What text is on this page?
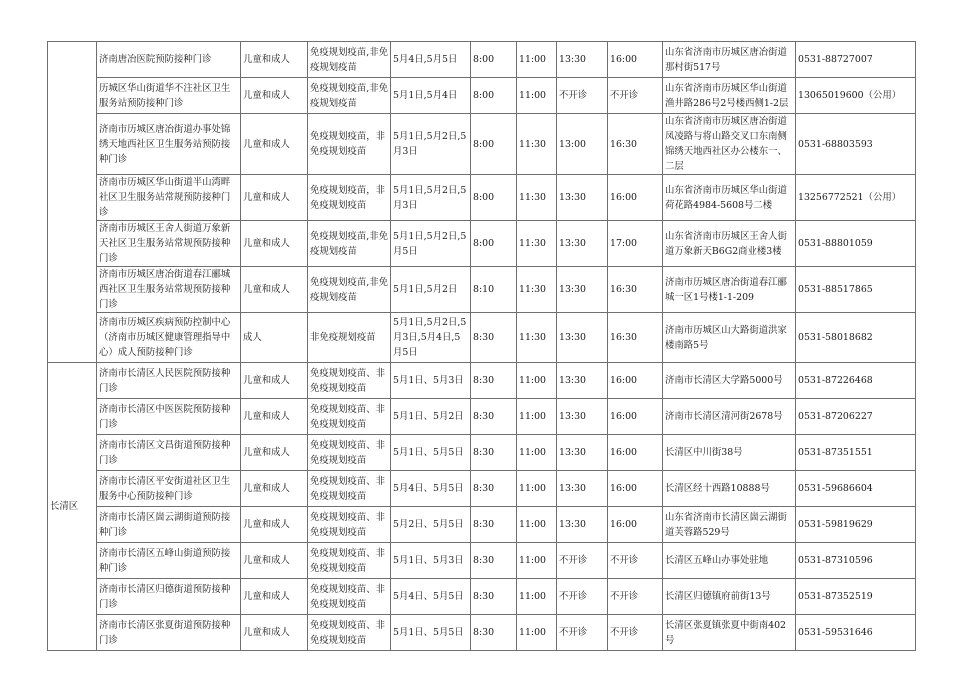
	济南唐冶医院预防接种门诊	儿童和成人	免疫规划疫苗,非免疫规划疫苗	5月4日,5月5日	8:00	11:00	13:30	16:00	山东省济南市历城区唐冶街道那村街517号	0531-88727007
	历城区华山街道华不注社区卫生服务站预防接种门诊	儿童和成人	免疫规划疫苗,非免疫规划疫苗	5月1日,5月4日	8:00	11:00	不开诊	不开诊	山东省济南市历城区华山街道渔井路286号2号楼西侧1-2层	13065019600（公用）
	济南市历城区唐冶街道办事处锦绣天地西社区卫生服务站预防接种门诊	儿童和成人	免疫规划疫苗，非免疫规划疫苗	5月1日,5月2日,5月3日	8:00	11:30	13:00	16:30	山东省济南市历城区唐冶街道凤凌路与将山路交叉口东南侧锦绣天地西社区办公楼东一、二层	0531-68803593
	济南市历城区华山街道半山湾畔社区卫生服务站常规预防接种门诊	儿童和成人	免疫规划疫苗，非免疫规划疫苗	5月1日,5月2日,5月3日	8:00	11:30	13:30	16:00	山东省济南市历城区华山街道荷花路4984-5608号二楼	13256772521（公用）
	济南市历城区王舍人街道万象新天社区卫生服务站常规预防接种门诊	儿童和成人	免疫规划疫苗,非免疫规划疫苗	5月1日,5月2日,5月5日	8:00	11:30	13:30	17:00	山东省济南市历城区王舍人街道万象新天B6G2商业楼3楼	0531-88801059
	济南市历城区唐冶街道春江郦城西社区卫生服务站常规预防接种门诊	儿童和成人	免疫规划疫苗,非免疫规划疫苗	5月1日,5月2日	8:10	11:30	13:30	16:30	济南市历城区唐冶街道春江郦城一区1号楼1-1-209	0531-88517865
	济南市历城区疾病预防控制中心（济南市历城区健康管理指导中心）成人预防接种门诊	成人	非免疫规划疫苗	5月1日,5月2日,5月3日,5月4日,5月5日	8:30	11:30	13:30	16:30	济南市历城区山大路街道洪家楼南路5号	0531-58018682
长清区	济南市长清区人民医院预防接种门诊	儿童和成人	免疫规划疫苗、非免疫规划疫苗	5月1日、5月3日	8:30	11:00	13:30	16:00	济南市长清区大学路5000号	0531-87226468
	济南市长清区中医医院预防接种门诊	儿童和成人	免疫规划疫苗、非免疫规划疫苗	5月1日、5月2日	8:30	11:00	13:30	16:00	济南市长清区清河街2678号	0531-87206227
	济南市长清区文昌街道预防接种门诊	儿童和成人	免疫规划疫苗、非免疫规划疫苗	5月1日、5月5日	8:30	11:00	13:30	16:00	长清区中川街38号	0531-87351551
	济南市长清区平安街道社区卫生服务中心预防接种门诊	儿童和成人	免疫规划疫苗、非免疫规划疫苗	5月4日、5月5日	8:30	11:00	13:30	16:00	长清区经十西路10888号	0531-59686604
	济南市长清区崮云湖街道预防接种门诊	儿童和成人	免疫规划疫苗、非免疫规划疫苗	5月2日、5月5日	8:30	11:00	13:30	16:00	山东省济南市长清区崮云湖街道芙蓉路529号	0531-59819629
	济南市长清区五峰山街道预防接种门诊	儿童和成人	免疫规划疫苗、非免疫规划疫苗	5月1日、5月3日	8:30	11:00	不开诊	不开诊	长清区五峰山办事处驻地	0531-87310596
	济南市长清区归德街道预防接种门诊	儿童和成人	免疫规划疫苗、非免疫规划疫苗	5月4日、5月5日	8:30	11:00	不开诊	不开诊	长清区归德镇府前街13号	0531-87352519
	济南市长清区张夏街道预防接种门诊	儿童和成人	免疫规划疫苗、非免疫规划疫苗	5月1日、5月5日	8:30	11:00	不开诊	不开诊	长清区张夏镇张夏中街南402号	0531-59531646
